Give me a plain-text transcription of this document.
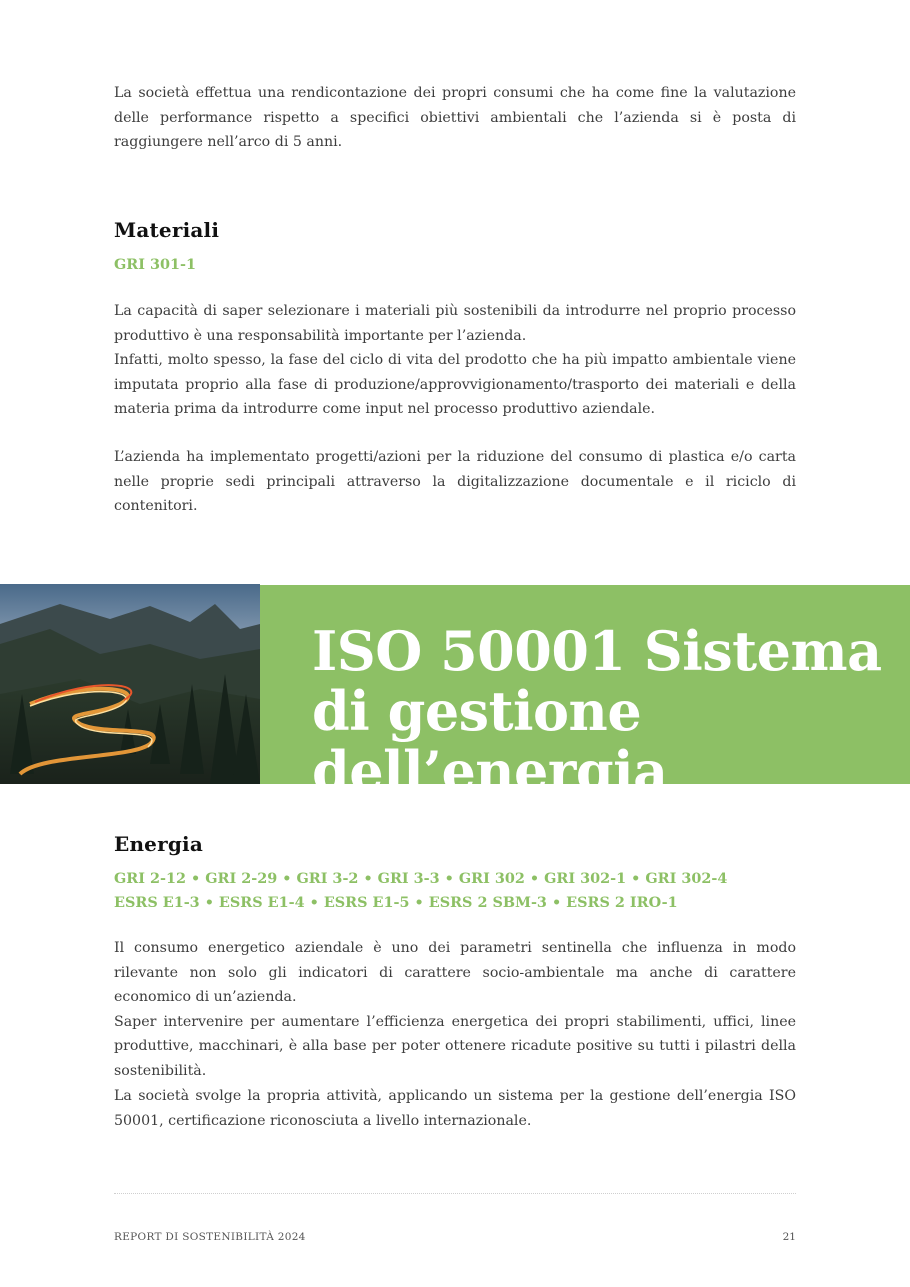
La società effettua una rendicontazione dei propri consumi che ha come fine la valutazione delle performance rispetto a specifici obiettivi ambientali che l’azienda si è posta di raggiungere nell’arco di 5 anni.

Materiali
GRI 301-1

La capacità di saper selezionare i materiali più sostenibili da introdurre nel proprio processo produttivo è una responsabilità importante per l’azienda.

Infatti, molto spesso, la fase del ciclo di vita del prodotto che ha più impatto ambientale viene imputata proprio alla fase di produzione/approvvigionamento/trasporto dei materiali e della materia prima da introdurre come input nel processo produttivo aziendale.

L’azienda ha implementato progetti/azioni per la riduzione del consumo di plastica e/o carta nelle proprie sedi principali attraverso la digitalizzazione documentale e il riciclo di contenitori.

ISO 50001 Sistema di gestione dell’energia
Energia
GRI 2-12 • GRI 2-29 • GRI 3-2 • GRI 3-3 • GRI 302 • GRI 302-1 • GRI 302-4
ESRS E1-3 • ESRS E1-4 • ESRS E1-5 • ESRS 2 SBM-3 • ESRS 2 IRO-1

Il consumo energetico aziendale è uno dei parametri sentinella che influenza in modo rilevante non solo gli indicatori di carattere socio-ambientale ma anche di carattere economico di un’azienda.

Saper intervenire per aumentare l’efficienza energetica dei propri stabilimenti, uffici, linee produttive, macchinari, è alla base per poter ottenere ricadute positive su tutti i pilastri della sostenibilità.

La società svolge la propria attività, applicando un sistema per la gestione dell’energia ISO 50001, certificazione riconosciuta a livello internazionale.

REPORT DI SOSTENIBILITÀ 2024	21
